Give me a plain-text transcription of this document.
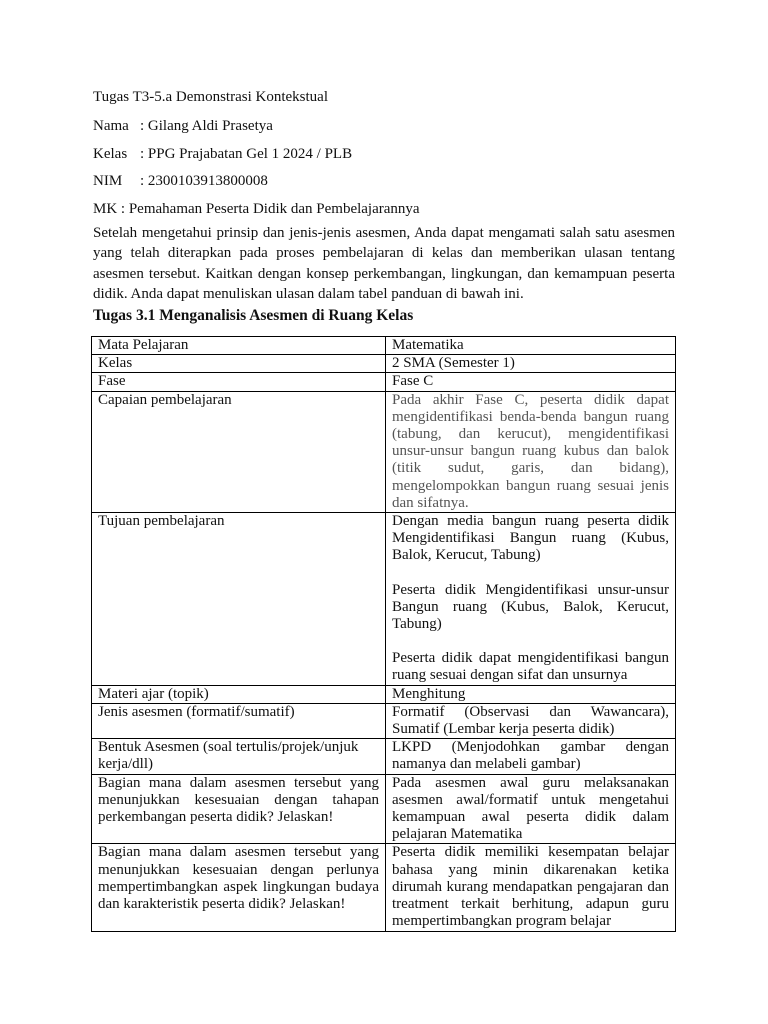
Tugas T3-5.a Demonstrasi Kontekstual
Nama : Gilang Aldi Prasetya
Kelas : PPG Prajabatan Gel 1 2024 / PLB
NIM	: 2300103913800008
MK : Pemahaman Peserta Didik dan Pembelajarannya
Setelah mengetahui prinsip dan jenis-jenis asesmen, Anda dapat mengamati salah satu asesmen yang telah diterapkan pada proses pembelajaran di kelas dan memberikan ulasan tentang asesmen tersebut. Kaitkan dengan konsep perkembangan, lingkungan, dan kemampuan peserta didik. Anda dapat menuliskan ulasan dalam tabel panduan di bawah ini.
Tugas 3.1 Menganalisis Asesmen di Ruang Kelas
Mata Pelajaran	Matematika
Kelas	2 SMA (Semester 1)
Fase	Fase C
Capaian pembelajaran	Pada akhir Fase C, peserta didik dapat mengidentifikasi benda-benda bangun ruang (tabung, dan kerucut), mengidentifikasi unsur-unsur bangun ruang kubus dan balok (titik sudut, garis, dan bidang), mengelompokkan bangun ruang sesuai jenis dan sifatnya.
Tujuan pembelajaran	Dengan media bangun ruang peserta didik Mengidentifikasi Bangun ruang (Kubus, Balok, Kerucut, Tabung)
Peserta didik Mengidentifikasi unsur-unsur Bangun ruang (Kubus, Balok, Kerucut, Tabung)
Peserta didik dapat mengidentifikasi bangun ruang sesuai dengan sifat dan unsurnya

Materi ajar (topik)	Menghitung
Jenis asesmen (formatif/sumatif)	Formatif (Observasi dan Wawancara), Sumatif (Lembar kerja peserta didik)
Bentuk Asesmen (soal tertulis/projek/unjuk kerja/dll)	LKPD (Menjodohkan gambar dengan namanya dan melabeli gambar)
Bagian mana dalam asesmen tersebut yang menunjukkan kesesuaian dengan tahapan perkembangan peserta didik? Jelaskan!	Pada asesmen awal guru melaksanakan asesmen awal/formatif untuk mengetahui kemampuan awal peserta didik dalam pelajaran Matematika
Bagian mana dalam asesmen tersebut yang menunjukkan kesesuaian dengan perlunya mempertimbangkan aspek lingkungan budaya dan karakteristik peserta didik? Jelaskan!	Peserta didik memiliki kesempatan belajar bahasa yang minin dikarenakan ketika dirumah kurang mendapatkan pengajaran dan treatment terkait berhitung, adapun guru mempertimbangkan program belajar
